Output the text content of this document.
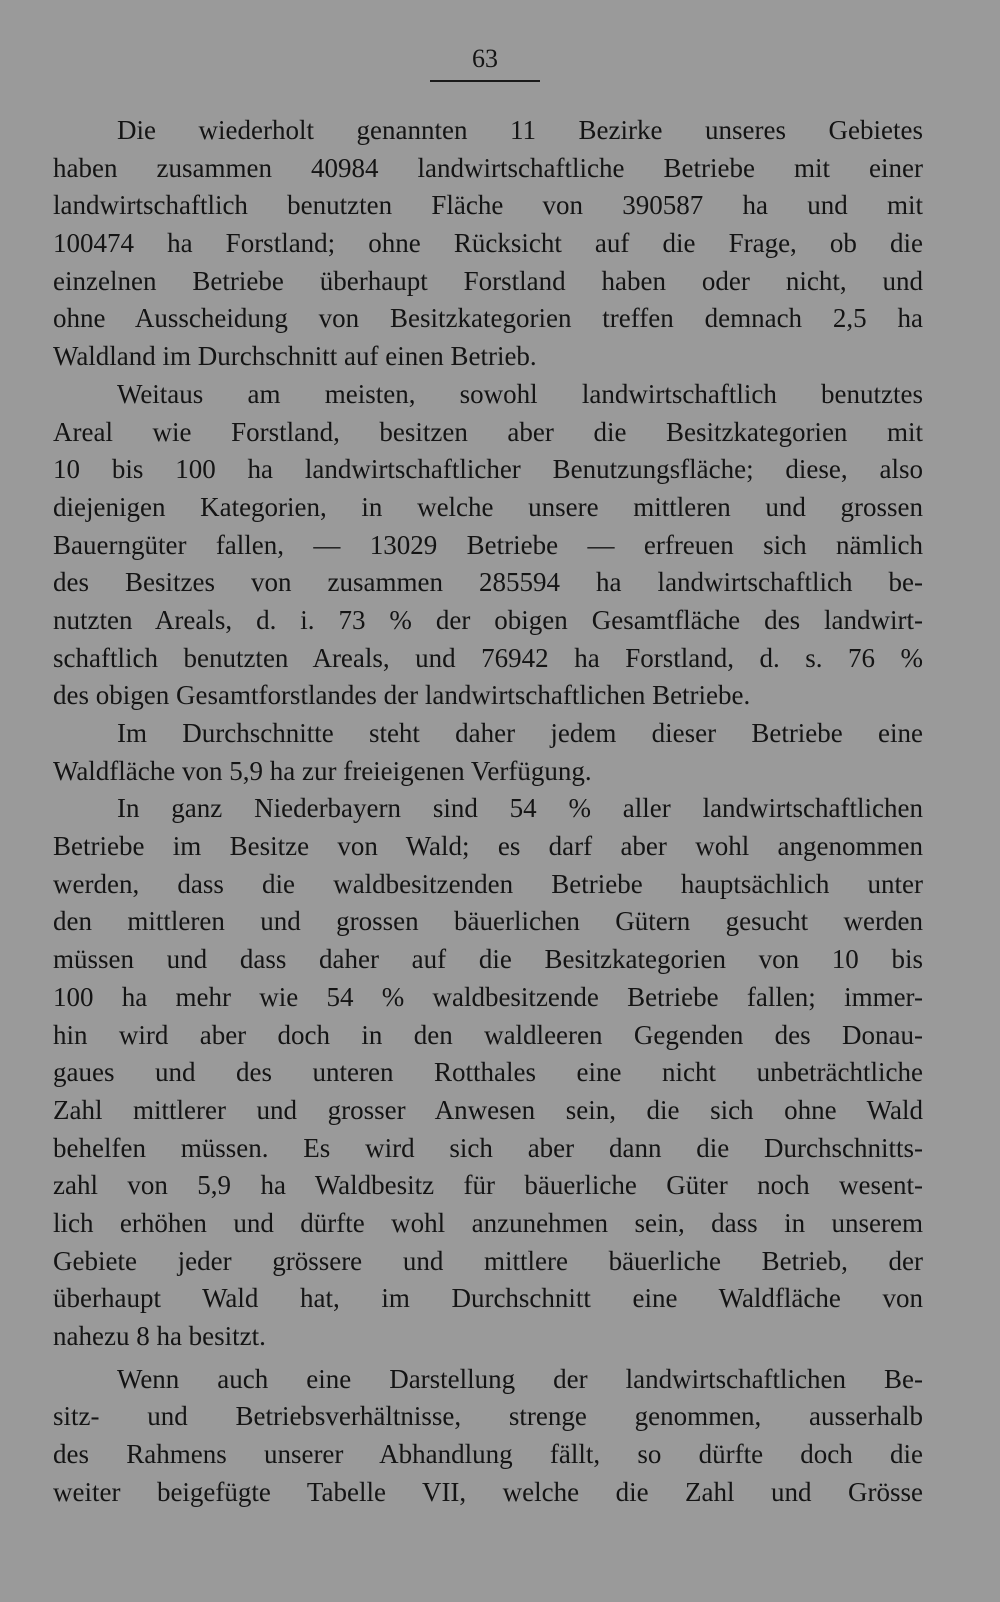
63
Die wiederholt genannten 11 Bezirke unseres Gebietes
haben zusammen 40984 landwirtschaftliche Betriebe mit einer
landwirtschaftlich benutzten Fläche von 390587 ha und mit
100474 ha Forstland; ohne Rücksicht auf die Frage, ob die
einzelnen Betriebe überhaupt Forstland haben oder nicht, und
ohne Ausscheidung von Besitzkategorien treffen demnach 2,5 ha
Waldland im Durchschnitt auf einen Betrieb.
Weitaus am meisten, sowohl landwirtschaftlich benutztes
Areal wie Forstland, besitzen aber die Besitzkategorien mit
10 bis 100 ha landwirtschaftlicher Benutzungsfläche; diese, also
diejenigen Kategorien, in welche unsere mittleren und grossen
Bauerngüter fallen, — 13029 Betriebe — erfreuen sich nämlich
des Besitzes von zusammen 285594 ha landwirtschaftlich be-
nutzten Areals, d. i. 73 % der obigen Gesamtfläche des landwirt-
schaftlich benutzten Areals, und 76942 ha Forstland, d. s. 76 %
des obigen Gesamtforstlandes der landwirtschaftlichen Betriebe.
Im Durchschnitte steht daher jedem dieser Betriebe eine
Waldfläche von 5,9 ha zur freieigenen Verfügung.
In ganz Niederbayern sind 54 % aller landwirtschaftlichen
Betriebe im Besitze von Wald; es darf aber wohl angenommen
werden, dass die waldbesitzenden Betriebe hauptsächlich unter
den mittleren und grossen bäuerlichen Gütern gesucht werden
müssen und dass daher auf die Besitzkategorien von 10 bis
100 ha mehr wie 54 % waldbesitzende Betriebe fallen; immer-
hin wird aber doch in den waldleeren Gegenden des Donau-
gaues und des unteren Rotthales eine nicht unbeträchtliche
Zahl mittlerer und grosser Anwesen sein, die sich ohne Wald
behelfen müssen. Es wird sich aber dann die Durchschnitts-
zahl von 5,9 ha Waldbesitz für bäuerliche Güter noch wesent-
lich erhöhen und dürfte wohl anzunehmen sein, dass in unserem
Gebiete jeder grössere und mittlere bäuerliche Betrieb, der
überhaupt Wald hat, im Durchschnitt eine Waldfläche von
nahezu 8 ha besitzt.
Wenn auch eine Darstellung der landwirtschaftlichen Be-
sitz- und Betriebsverhältnisse, strenge genommen, ausserhalb
des Rahmens unserer Abhandlung fällt, so dürfte doch die
weiter beigefügte Tabelle VII, welche die Zahl und Grösse
